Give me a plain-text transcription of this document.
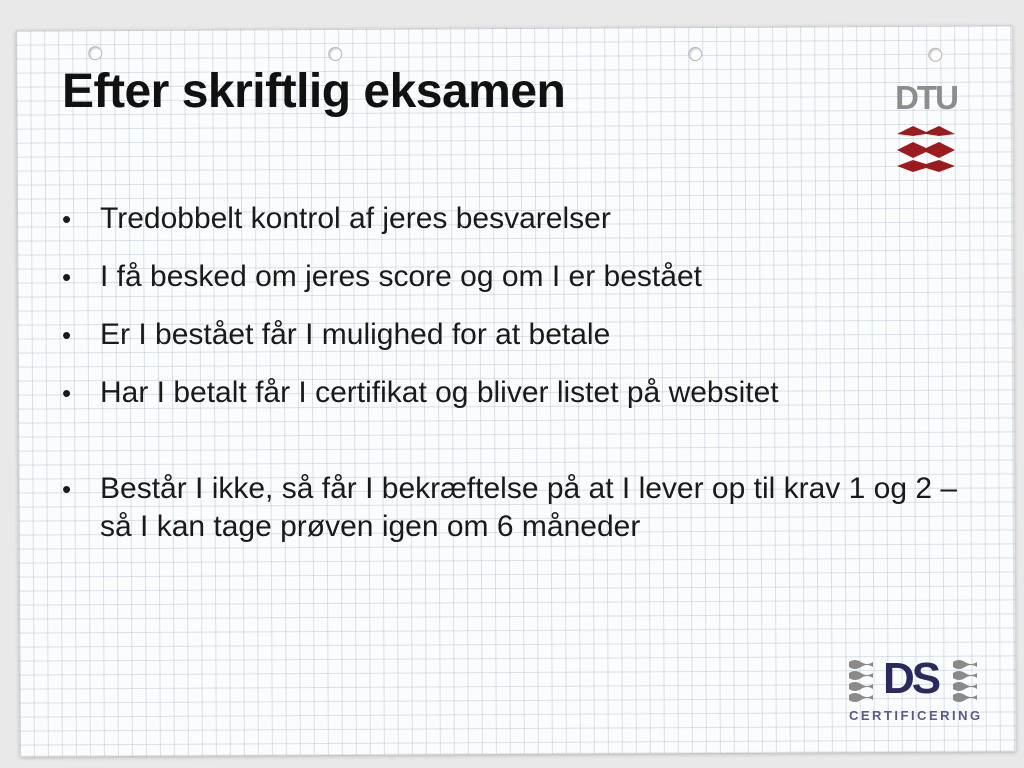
Efter skriftlig eksamen	DTU
• Tredobbelt kontrol af jeres besvarelser
• I få besked om jeres score og om I er bestået
• Er I bestået får I mulighed for at betale
• Har I betalt får I certifikat og bliver listet på websitet
• Består I ikke, så får I bekræftelse på at I lever op til krav 1 og 2 – så I kan tage prøven igen om 6 måneder
DS
CERTIFICERING
